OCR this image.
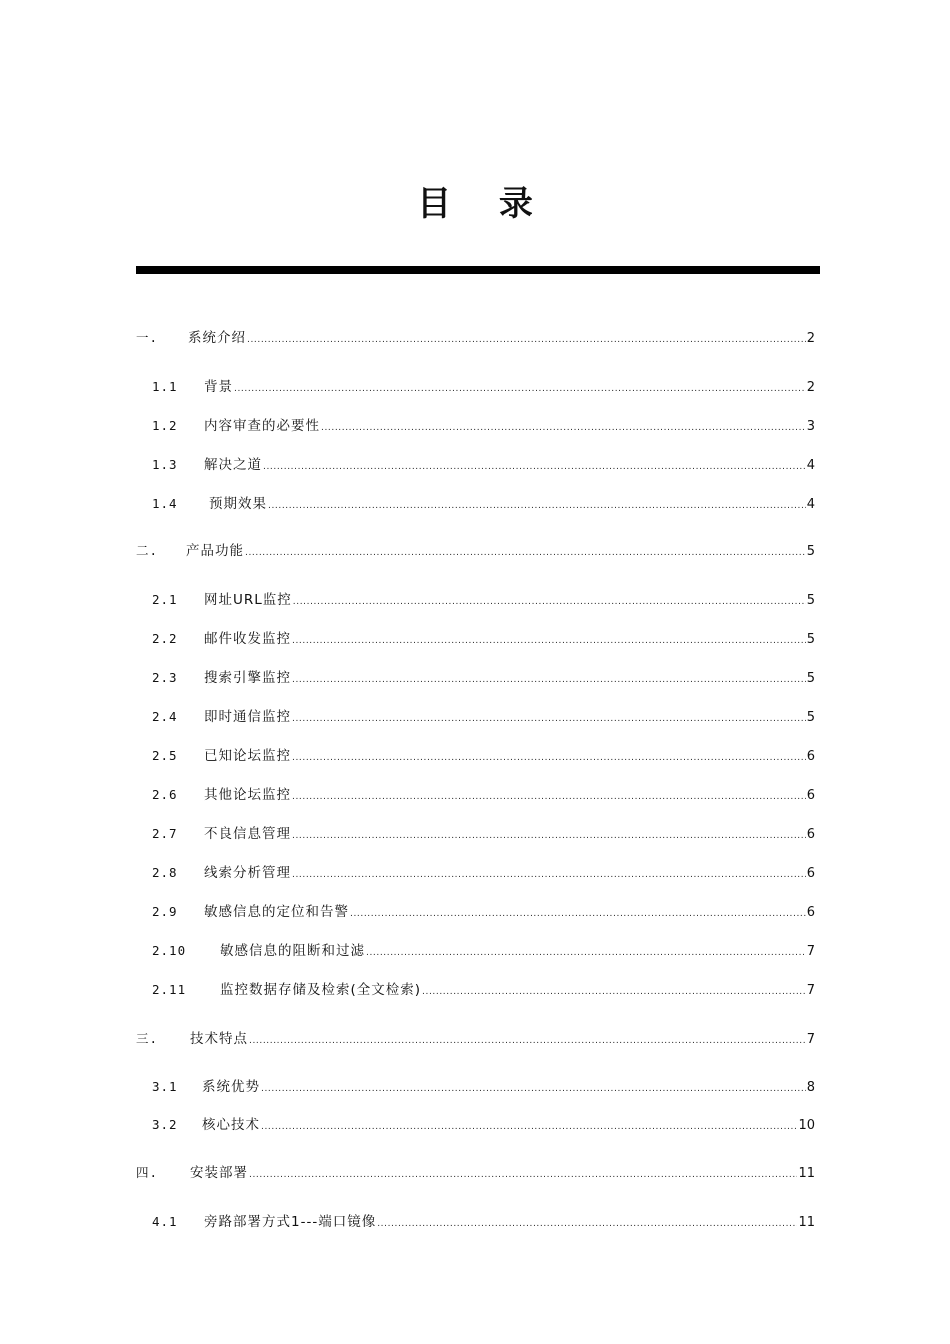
目 录
一.	系统介绍 .....	2
1.1	背景 .....	2
1.2	内容审查的必要性 .....	3
1.3	解决之道 .....	4
1.4	预期效果 .....	4
二.	产品功能 .....	5
2.1	网址URL监控 .....	5
2.2	邮件收发监控 .....	5
2.3	搜索引擎监控 .....	5
2.4	即时通信监控 .....	5
2.5	已知论坛监控 .....	6
2.6	其他论坛监控 .....	6
2.7	不良信息管理 .....	6
2.8	线索分析管理 .....	6
2.9	敏感信息的定位和告警 .....	6
2.10	敏感信息的阻断和过滤 .....	7
2.11	监控数据存储及检索(全文检索) .....	7
三.	技术特点 .....	7
3.1	系统优势 .....	8
3.2	核心技术 .....	10
四.	安装部署 .....	11
4.1	旁路部署方式1---端口镜像 .....	11
